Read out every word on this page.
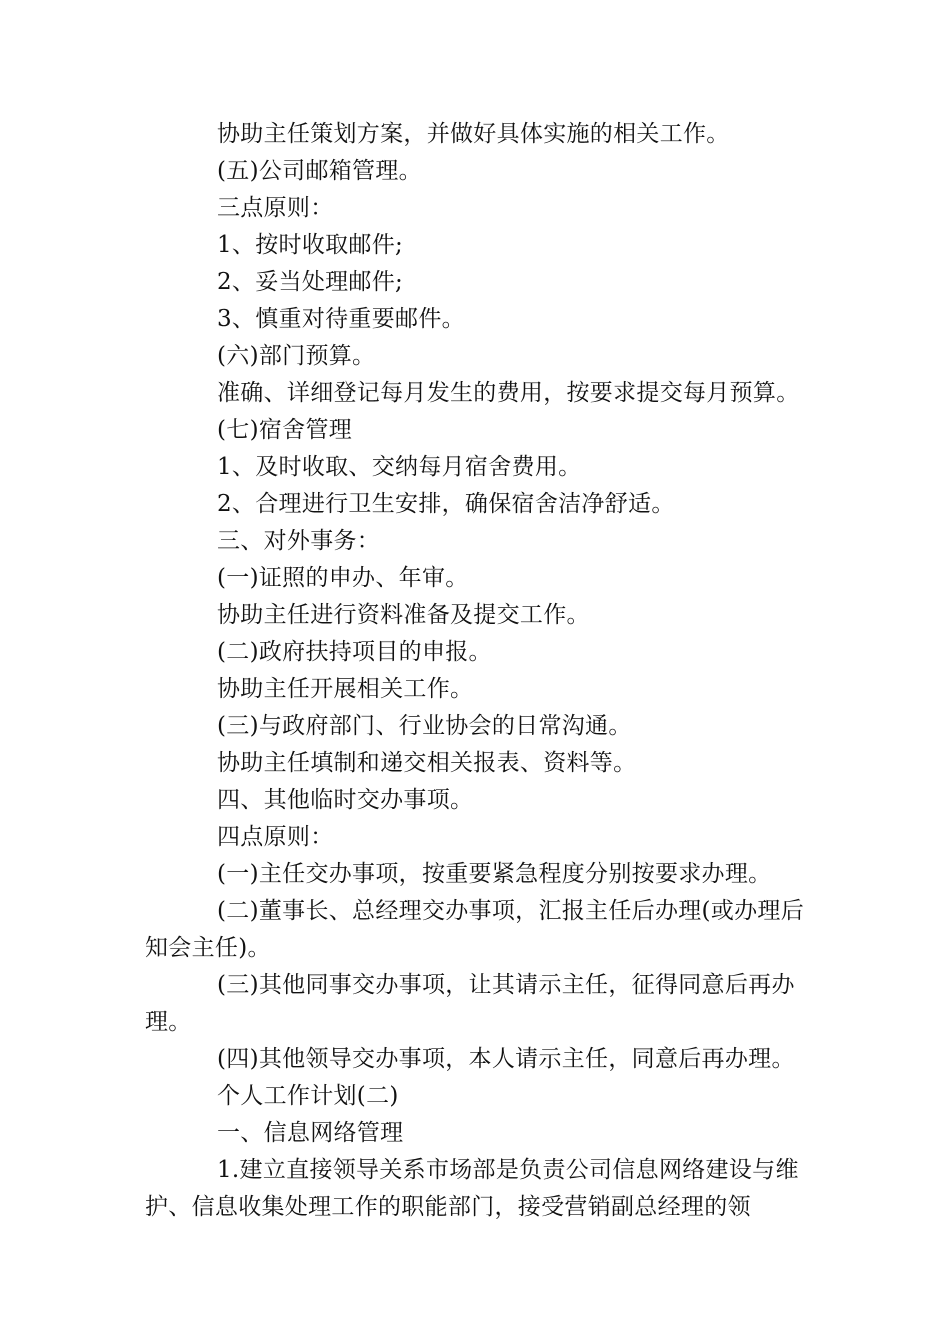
协助主任策划方案，并做好具体实施的相关工作。

(五)公司邮箱管理。

三点原则：

1、按时收取邮件;

2、妥当处理邮件;

3、慎重对待重要邮件。

(六)部门预算。

准确、详细登记每月发生的费用，按要求提交每月预算。

(七)宿舍管理

1、及时收取、交纳每月宿舍费用。

2、合理进行卫生安排，确保宿舍洁净舒适。

三、对外事务：

(一)证照的申办、年审。

协助主任进行资料准备及提交工作。

(二)政府扶持项目的申报。

协助主任开展相关工作。

(三)与政府部门、行业协会的日常沟通。

协助主任填制和递交相关报表、资料等。

四、其他临时交办事项。

四点原则：

(一)主任交办事项，按重要紧急程度分别按要求办理。

(二)董事长、总经理交办事项，汇报主任后办理(或办理后知会主任)。

(三)其他同事交办事项，让其请示主任，征得同意后再办理。

(四)其他领导交办事项，本人请示主任，同意后再办理。

个人工作计划(二)

一、信息网络管理

1.建立直接领导关系市场部是负责公司信息网络建设与维护、信息收集处理工作的职能部门，接受营销副总经理的领
